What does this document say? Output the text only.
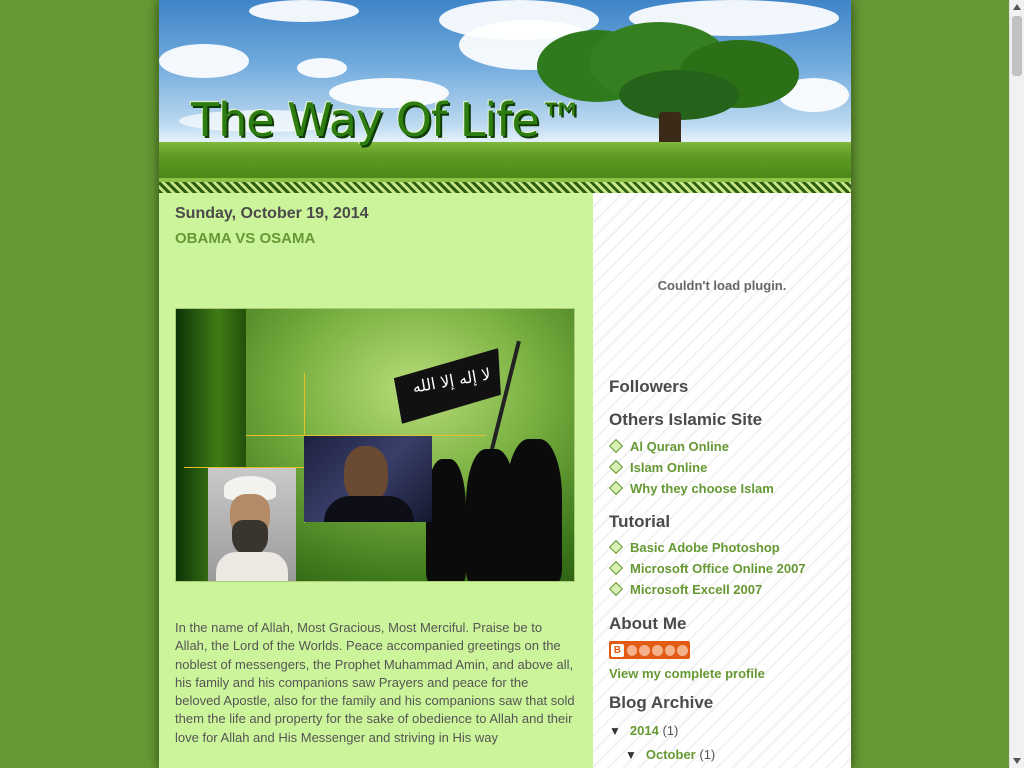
The Way Of Life™
Sunday, October 19, 2014
OBAMA VS OSAMA
لا إله إلا الله
In the name of Allah, Most Gracious, Most Merciful. Praise be to Allah, the Lord of the Worlds. Peace accompanied greetings on the noblest of messengers, the Prophet Muhammad Amin, and above all, his family and his companions saw Prayers and peace for the beloved Apostle, also for the family and his companions saw that sold them the life and property for the sake of obedience to Allah and their love for Allah and His Messenger and striving in His way
Couldn't load plugin.
Followers
Others Islamic Site
Al Quran Online
Islam Online
Why they choose Islam
Tutorial
Basic Adobe Photoshop
Microsoft Office Online 2007
Microsoft Excell 2007
About Me
B
View my complete profile
Blog Archive
▼ 2014 (1)
▼ October (1)
